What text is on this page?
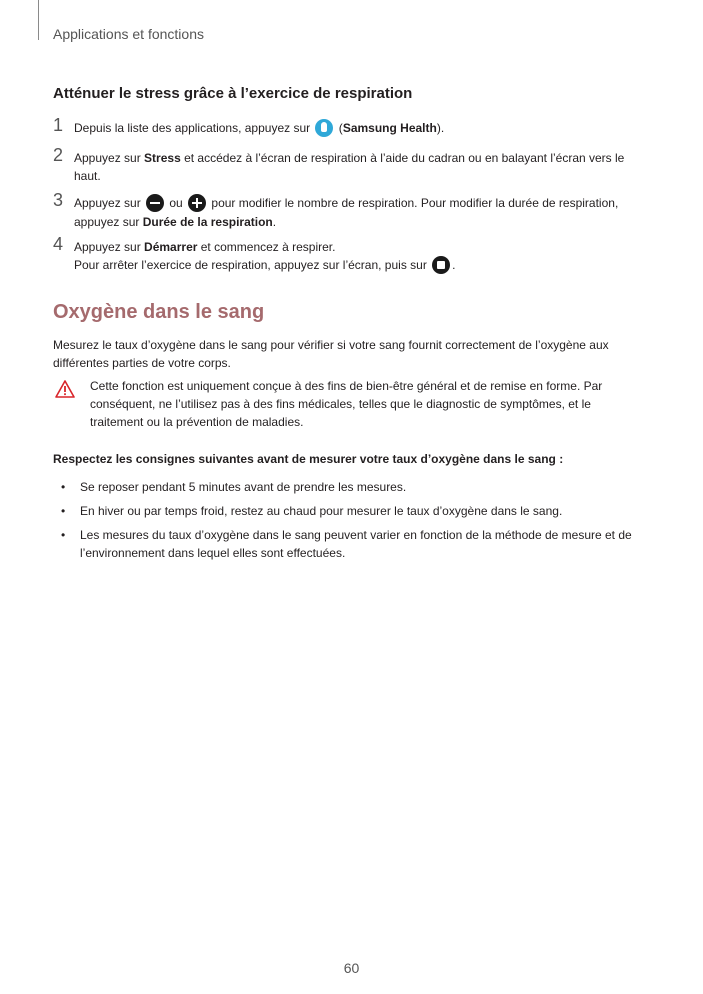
Applications et fonctions
Atténuer le stress grâce à l’exercice de respiration
1 Depuis la liste des applications, appuyez sur  (Samsung Health).
2 Appuyez sur Stress et accédez à l’écran de respiration à l’aide du cadran ou en balayant l’écran vers le haut.
3 Appuyez sur  ou  pour modifier le nombre de respiration. Pour modifier la durée de respiration, appuyez sur Durée de la respiration.
4 Appuyez sur Démarrer et commencez à respirer.
Pour arrêter l’exercice de respiration, appuyez sur l’écran, puis sur .
Oxygène dans le sang
Mesurez le taux d’oxygène dans le sang pour vérifier si votre sang fournit correctement de l’oxygène aux différentes parties de votre corps.
Cette fonction est uniquement conçue à des fins de bien-être général et de remise en forme. Par conséquent, ne l’utilisez pas à des fins médicales, telles que le diagnostic de symptômes, et le traitement ou la prévention de maladies.
Respectez les consignes suivantes avant de mesurer votre taux d’oxygène dans le sang :
• Se reposer pendant 5 minutes avant de prendre les mesures.
• En hiver ou par temps froid, restez au chaud pour mesurer le taux d’oxygène dans le sang.
• Les mesures du taux d’oxygène dans le sang peuvent varier en fonction de la méthode de mesure et de l’environnement dans lequel elles sont effectuées.
60
